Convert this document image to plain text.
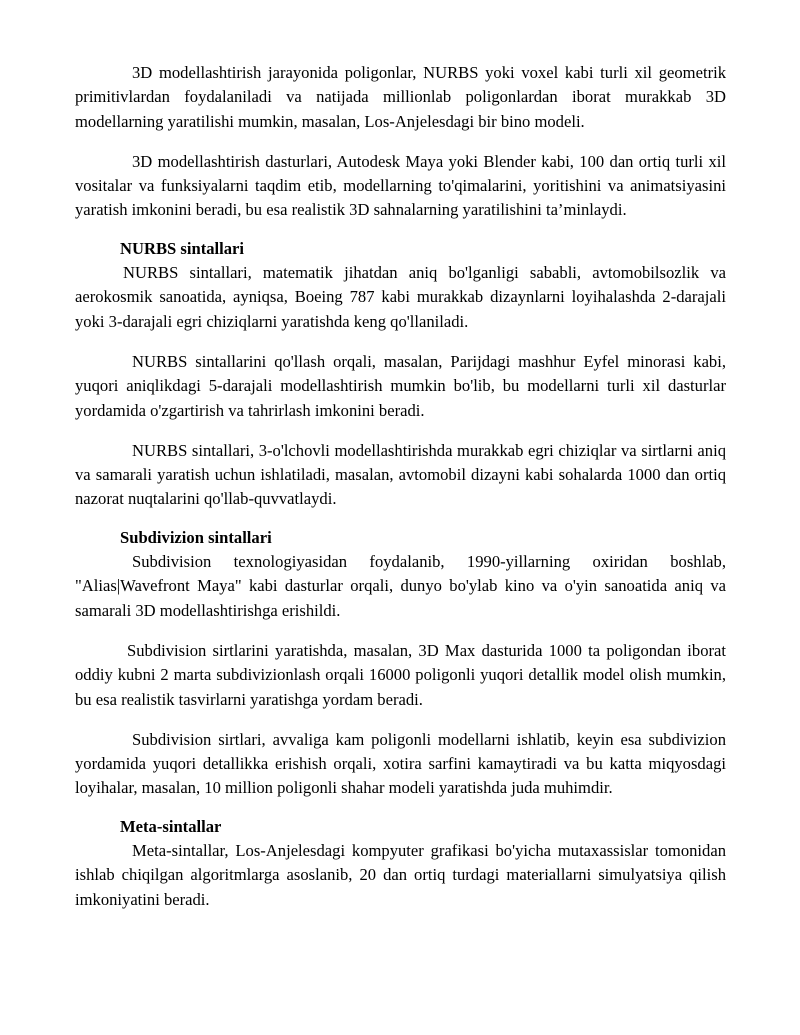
3D modellashtirish jarayonida poligonlar, NURBS yoki voxel kabi turli xil geometrik primitivlardan foydalaniladi va natijada millionlab poligonlardan iborat murakkab 3D modellarning yaratilishi mumkin, masalan, Los-Anjelesdagi bir bino modeli.

3D modellashtirish dasturlari, Autodesk Maya yoki Blender kabi, 100 dan ortiq turli xil vositalar va funksiyalarni taqdim etib, modellarning to'qimalarini, yoritishini va animatsiyasini yaratish imkonini beradi, bu esa realistik 3D sahnalarning yaratilishini ta’minlaydi.

NURBS sintallari

NURBS sintallari, matematik jihatdan aniq bo'lganligi sababli, avtomobilsozlik va aerokosmik sanoatida, ayniqsa, Boeing 787 kabi murakkab dizaynlarni loyihalashda 2-darajali yoki 3-darajali egri chiziqlarni yaratishda keng qo'llaniladi.

NURBS sintallarini qo'llash orqali, masalan, Parijdagi mashhur Eyfel minorasi kabi, yuqori aniqlikdagi 5-darajali modellashtirish mumkin bo'lib, bu modellarni turli xil dasturlar yordamida o'zgartirish va tahrirlash imkonini beradi.

NURBS sintallari, 3-o'lchovli modellashtirishda murakkab egri chiziqlar va sirtlarni aniq va samarali yaratish uchun ishlatiladi, masalan, avtomobil dizayni kabi sohalarda 1000 dan ortiq nazorat nuqtalarini qo'llab-quvvatlaydi.

Subdivizion sintallari

Subdivision texnologiyasidan foydalanib, 1990-yillarning oxiridan boshlab, "Alias|Wavefront Maya" kabi dasturlar orqali, dunyo bo'ylab kino va o'yin sanoatida aniq va samarali 3D modellashtirishga erishildi.

Subdivision sirtlarini yaratishda, masalan, 3D Max dasturida 1000 ta poligondan iborat oddiy kubni 2 marta subdivizionlash orqali 16000 poligonli yuqori detallik model olish mumkin, bu esa realistik tasvirlarni yaratishga yordam beradi.

Subdivision sirtlari, avvaliga kam poligonli modellarni ishlatib, keyin esa subdivizion yordamida yuqori detallikka erishish orqali, xotira sarfini kamaytiradi va bu katta miqyosdagi loyihalar, masalan, 10 million poligonli shahar modeli yaratishda juda muhimdir.

Meta-sintallar

Meta-sintallar, Los-Anjelesdagi kompyuter grafikasi bo'yicha mutaxassislar tomonidan ishlab chiqilgan algoritmlarga asoslanib, 20 dan ortiq turdagi materiallarni simulyatsiya qilish imkoniyatini beradi.
